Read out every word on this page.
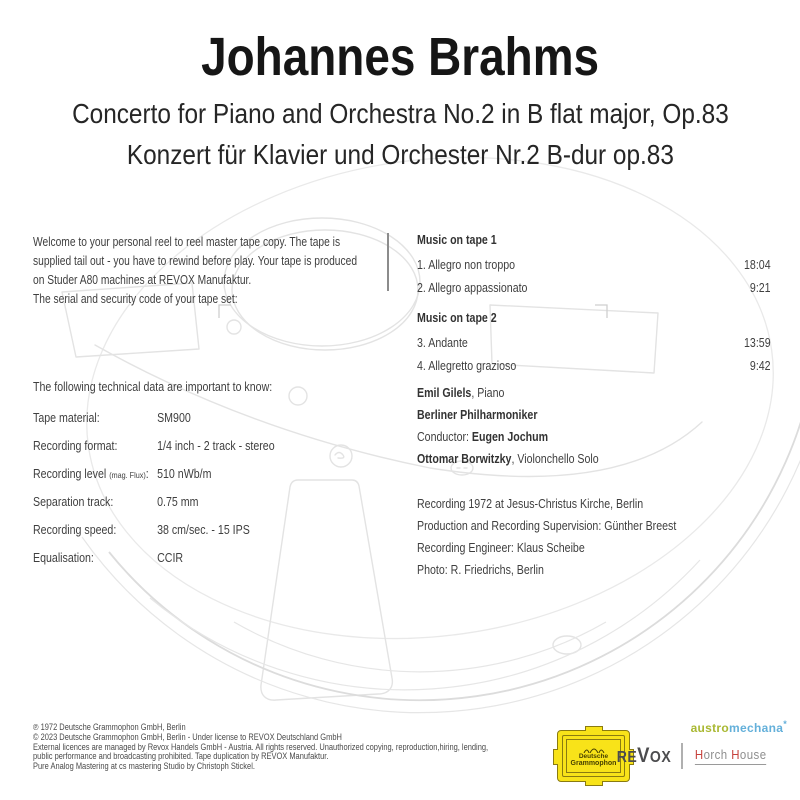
Johannes Brahms
Concerto for Piano and Orchestra No.2 in B flat major, Op.83
Konzert für Klavier und Orchester Nr.2 B-dur op.83
Welcome to your personal reel to reel master tape copy. The tape is
supplied tail out - you have to rewind before play. Your tape is produced
on Studer A80 machines at REVOX Manufaktur.
The serial and security code of your tape set:
Music on tape 1
1. Allegro non troppo	18:04
2. Allegro appassionato	9:21
Music on tape 2
3. Andante	13:59
4. Allegretto grazioso	9:42
The following technical data are important to know:
Tape material:	SM900
Recording format:	1/4 inch - 2 track - stereo
Recording level (mag. Flux): 510 nWb/m
Separation track:	0.75 mm
Recording speed:	38 cm/sec. - 15 IPS
Equalisation:	CCIR
Emil Gilels, Piano
Berliner Philharmoniker
Conductor: Eugen Jochum
Ottomar Borwitzky, Violonchello Solo
Recording 1972 at Jesus-Christus Kirche, Berlin
Production and Recording Supervision: Günther Breest
Recording Engineer: Klaus Scheibe
Photo: R. Friedrichs, Berlin
℗ 1972 Deutsche Grammophon GmbH, Berlin
© 2023 Deutsche Grammophon GmbH, Berlin - Under license to REVOX Deutschland GmbH
External licences are managed by Revox Handels GmbH - Austria. All rights reserved. Unauthorized copying, reproduction,hiring, lending,
public performance and broadcasting prohibited. Tape duplication by REVOX Manufaktur.
Pure Analog Mastering at cs mastering Studio by Christoph Stickel.
Deutsche
Grammophon
austromechana*
REVOX Horch House
